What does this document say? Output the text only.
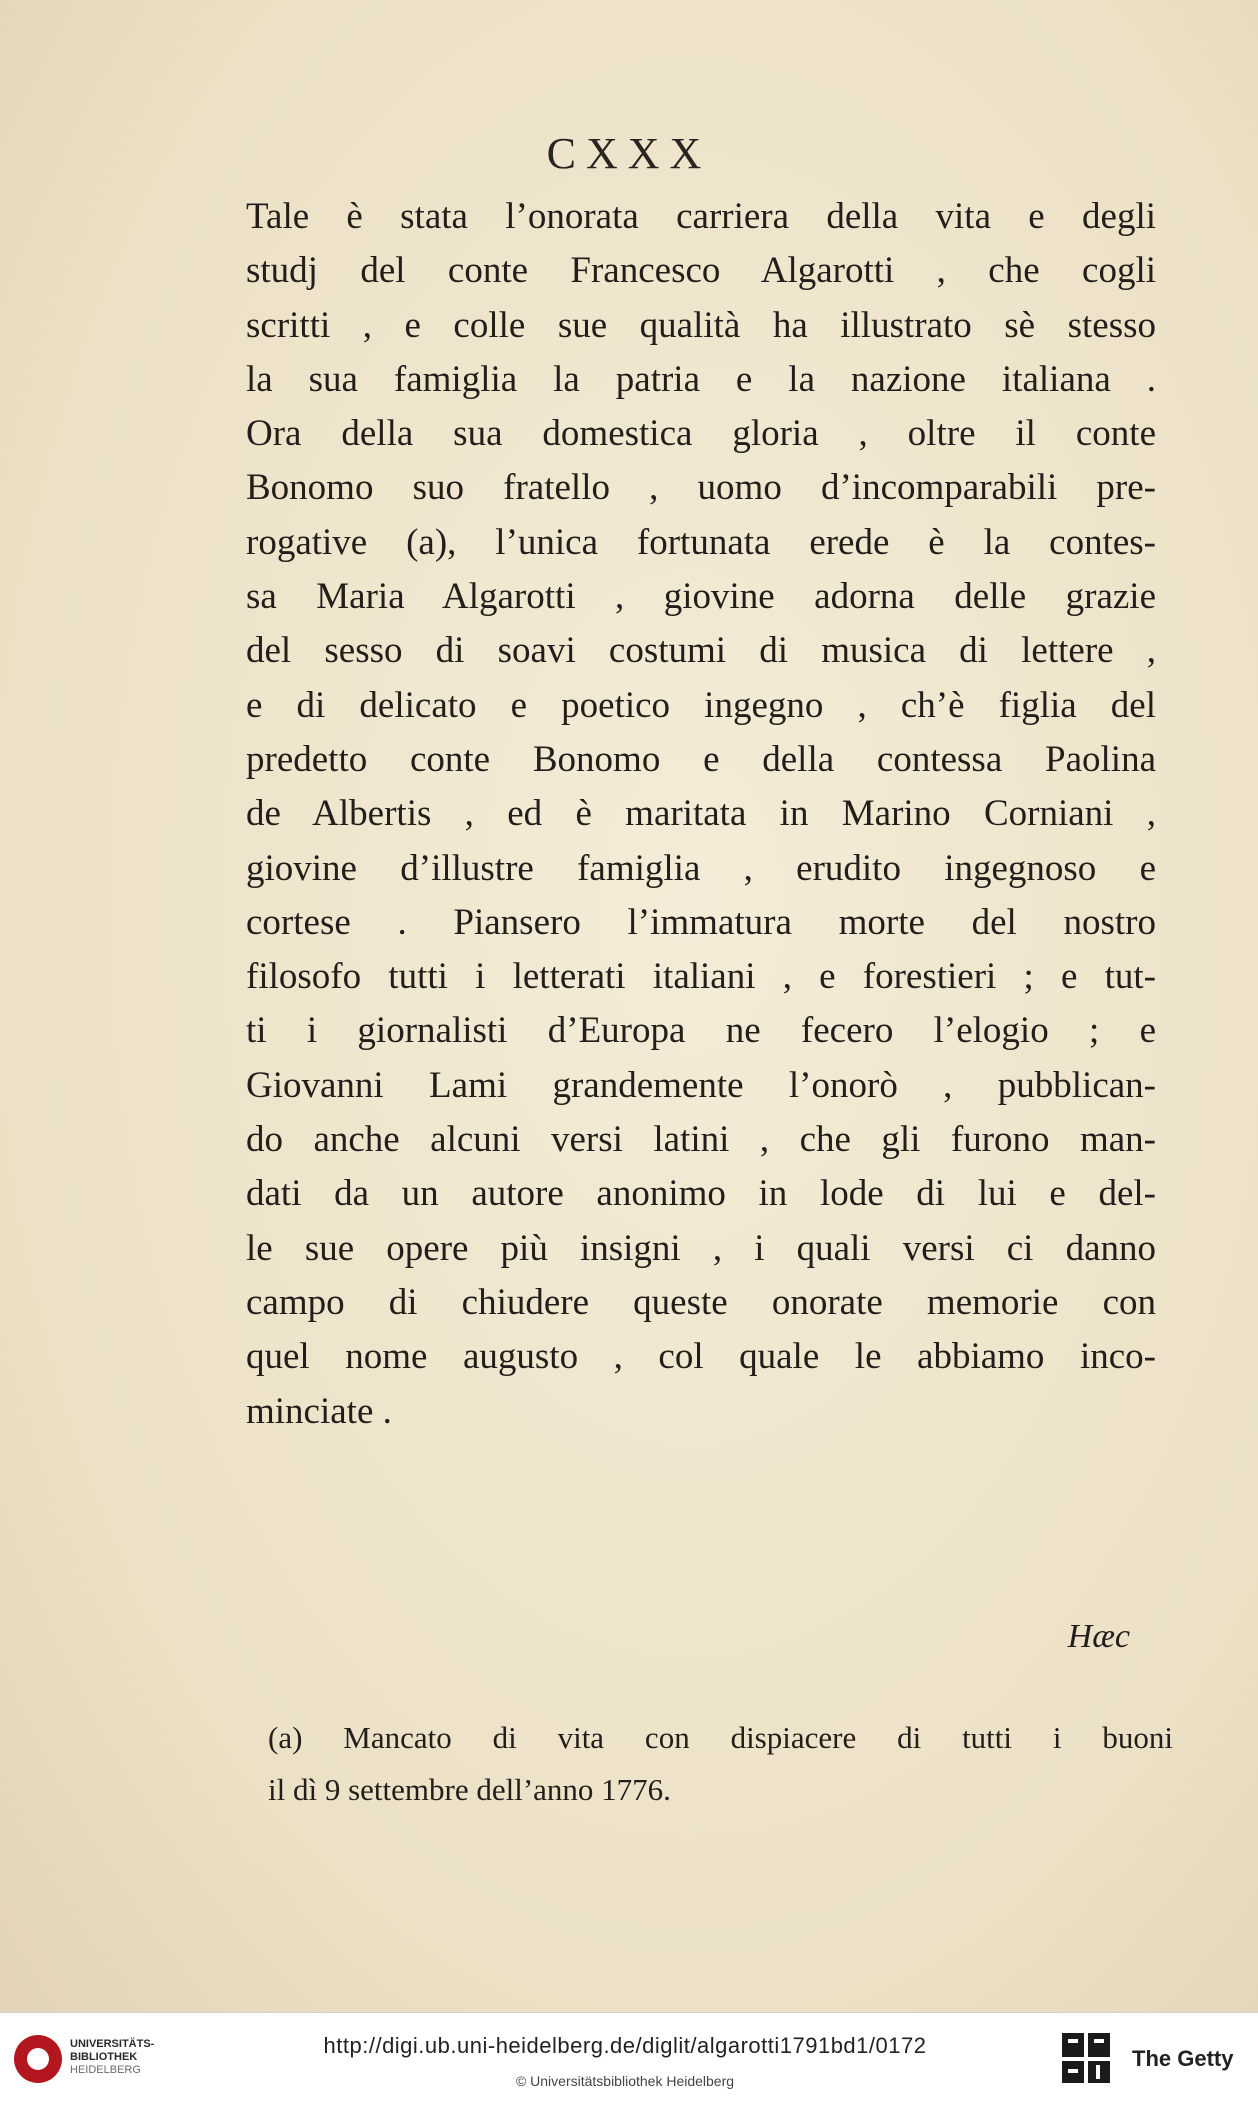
CXXX
Tale è stata l’onorata carriera della vita e degli
studj del conte Francesco Algarotti , che cogli
scritti , e colle sue qualità ha illustrato sè stesso
la sua famiglia la patria e la nazione italiana .
Ora della sua domestica gloria , oltre il conte
Bonomo suo fratello , uomo d’incomparabili pre-
rogative (a), l’unica fortunata erede è la contes-
sa Maria Algarotti , giovine adorna delle grazie
del sesso di soavi costumi di musica di lettere ,
e di delicato e poetico ingegno , ch’è figlia del
predetto conte Bonomo e della contessa Paolina
de Albertis , ed è maritata in Marino Corniani ,
giovine d’illustre famiglia , erudito ingegnoso e
cortese . Piansero l’immatura morte del nostro
filosofo tutti i letterati italiani , e forestieri ; e tut-
ti i giornalisti d’Europa ne fecero l’elogio ; e
Giovanni Lami grandemente l’onorò , pubblican-
do anche alcuni versi latini , che gli furono man-
dati da un autore anonimo in lode di lui e del-
le sue opere più insigni , i quali versi ci danno
campo di chiudere queste onorate memorie con
quel nome augusto , col quale le abbiamo inco-
minciate .
Hæc
(a) Mancato di vita con dispiacere di tutti i buoni
il dì 9 settembre dell’anno 1776.
UNIVERSITÄTS-
BIBLIOTHEK
HEIDELBERG
http://digi.ub.uni-heidelberg.de/diglit/algarotti1791bd1/0172
© Universitätsbibliothek Heidelberg
The Getty
